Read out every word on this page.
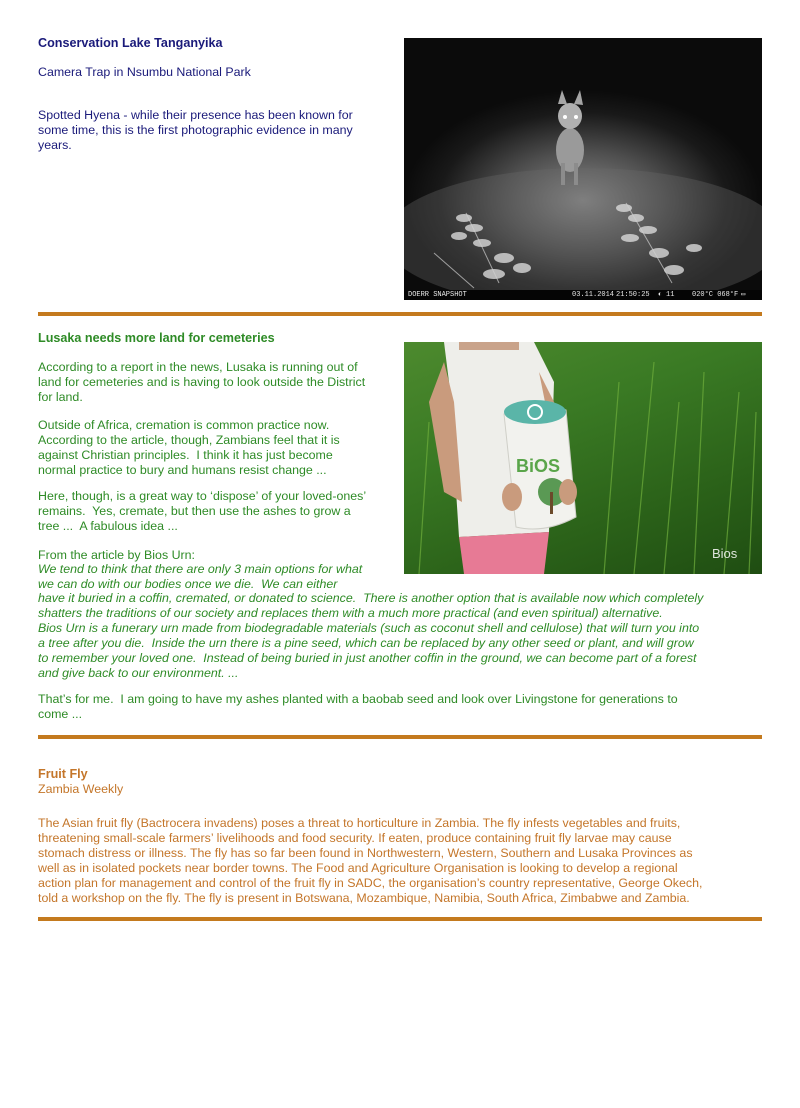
Conservation Lake Tanganyika

Camera Trap in Nsumbu National Park

Spotted Hyena - while their presence has been known for
some time, this is the first photographic evidence in many
years.

DOERR SNAPSHOT	03.11.2014 21:50:25 ◐ 11	020°C 068°F ▭

Lusaka needs more land for cemeteries

According to a report in the news, Lusaka is running out of
land for cemeteries and is having to look outside the District
for land.

Outside of Africa, cremation is common practice now.
According to the article, though, Zambians feel that it is
against Christian principles.  I think it has just become
normal practice to bury and humans resist change ...

Here, though, is a great way to ‘dispose’ of your loved-ones’
remains.  Yes, cremate, but then use the ashes to grow a
tree ...  A fabulous idea ...

From the article by Bios Urn:

We tend to think that there are only 3 main options for what
we can do with our bodies once we die.  We can either

have it buried in a coffin, cremated, or donated to science.  There is another option that is available now which completely
shatters the traditions of our society and replaces them with a much more practical (and even spiritual) alternative.
Bios Urn is a funerary urn made from biodegradable materials (such as coconut shell and cellulose) that will turn you into
a tree after you die.  Inside the urn there is a pine seed, which can be replaced by any other seed or plant, and will grow
to remember your loved one.  Instead of being buried in just another coffin in the ground, we can become part of a forest
and give back to our environment. ...

That’s for me.  I am going to have my ashes planted with a baobab seed and look over Livingstone for generations to
come ...

BiOS
Bios

Fruit Fly

Zambia Weekly

The Asian fruit fly (Bactrocera invadens) poses a threat to horticulture in Zambia. The fly infests vegetables and fruits,
threatening small-scale farmers’ livelihoods and food security. If eaten, produce containing fruit fly larvae may cause
stomach distress or illness. The fly has so far been found in Northwestern, Western, Southern and Lusaka Provinces as
well as in isolated pockets near border towns. The Food and Agriculture Organisation is looking to develop a regional
action plan for management and control of the fruit fly in SADC, the organisation’s country representative, George Okech,
told a workshop on the fly. The fly is present in Botswana, Mozambique, Namibia, South Africa, Zimbabwe and Zambia.
